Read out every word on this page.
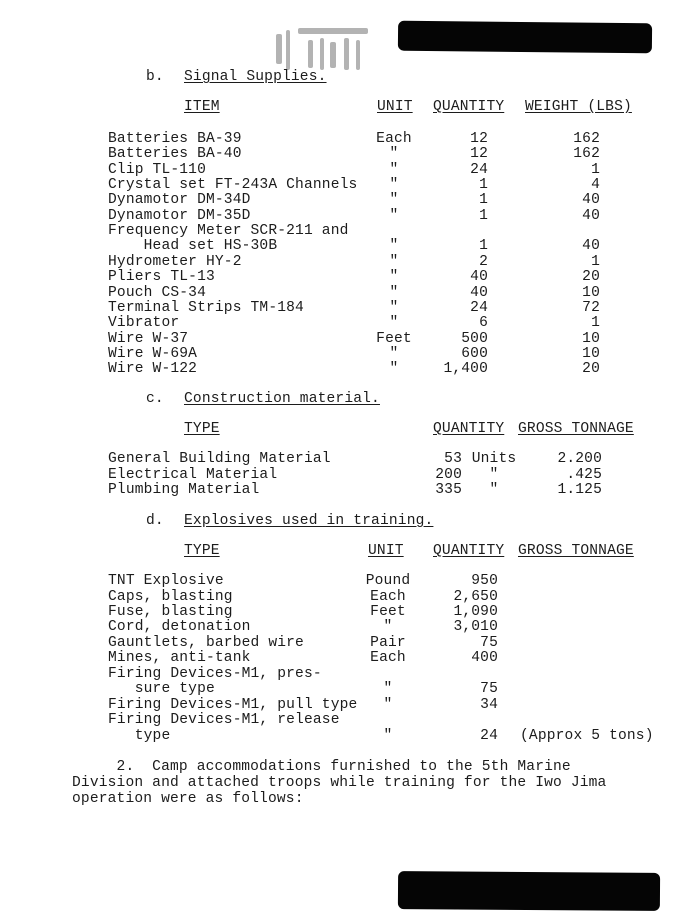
b. Signal Supplies.
ITEM	UNIT QUANTITY WEIGHT (LBS)
Batteries BA-39	Each	12	162
Batteries BA-40	"	12	162
Clip TL-110	"	24	1
Crystal set FT-243A Channels	"	1	4
Dynamotor DM-34D	"	1	40
Dynamotor DM-35D	"	1	40
Frequency Meter SCR-211 and
Head set HS-30B	"	1	40
Hydrometer HY-2	"	2	1
Pliers TL-13	"	40	20
Pouch CS-34	"	40	10
Terminal Strips TM-184	"	24	72
Vibrator	"	6	1
Wire W-37	Feet	500	10
Wire W-69A	"	600	10
Wire W-122	"	1,400	20
c. Construction material.
TYPE	QUANTITY GROSS TONNAGE
General Building Material	53 Units	2.200
Electrical Material	200	"	.425
Plumbing Material	335	"	1.125
d. Explosives used in training.
TYPE	UNIT QUANTITY GROSS TONNAGE
TNT Explosive	Pound	950
Caps, blasting	Each	2,650
Fuse, blasting	Feet	1,090
Cord, detonation	"	3,010
Gauntlets, barbed wire	Pair	75
Mines, anti-tank	Each	400
Firing Devices-M1, pres-
sure type	"	75
Firing Devices-M1, pull type	"	34
Firing Devices-M1, release
type	"	24 (Approx 5 tons)
2.  Camp accommodations furnished to the 5th Marine
Division and attached troops while training for the Iwo Jima
operation were as follows:
